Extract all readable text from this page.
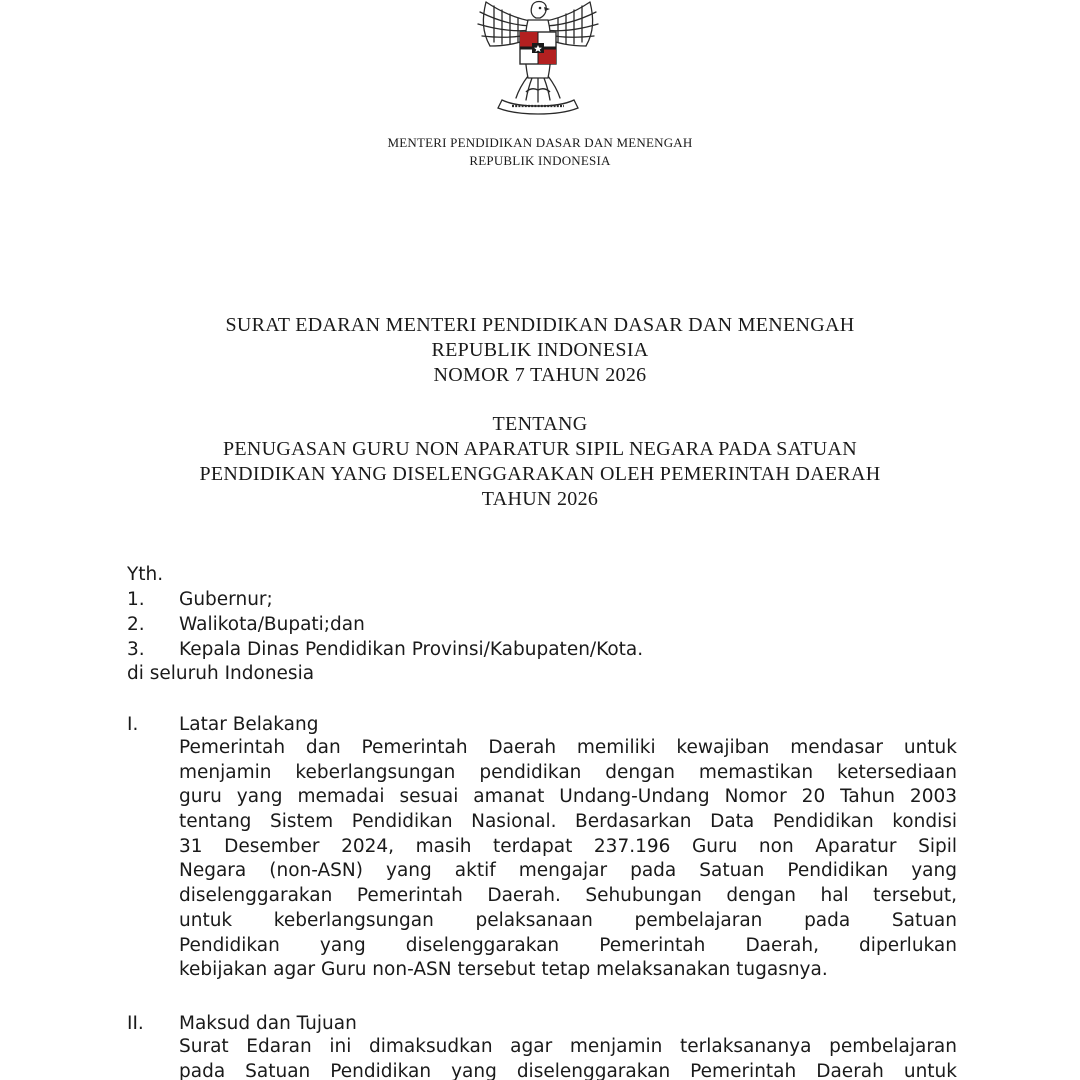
MENTERI PENDIDIKAN DASAR DAN MENENGAH
REPUBLIK INDONESIA
SURAT EDARAN MENTERI PENDIDIKAN DASAR DAN MENENGAH
REPUBLIK INDONESIA
NOMOR 7 TAHUN 2026
TENTANG
PENUGASAN GURU NON APARATUR SIPIL NEGARA PADA SATUAN
PENDIDIKAN YANG DISELENGGARAKAN OLEH PEMERINTAH DAERAH
TAHUN 2026
Yth.
1. Gubernur;
2. Walikota/Bupati;dan
3. Kepala Dinas Pendidikan Provinsi/Kabupaten/Kota.
di seluruh Indonesia
I. Latar Belakang
Pemerintah dan Pemerintah Daerah memiliki kewajiban mendasar untuk
menjamin keberlangsungan pendidikan dengan memastikan ketersediaan
guru yang memadai sesuai amanat Undang-Undang Nomor 20 Tahun 2003
tentang Sistem Pendidikan Nasional. Berdasarkan Data Pendidikan kondisi
31 Desember 2024, masih terdapat 237.196 Guru non Aparatur Sipil
Negara (non-ASN) yang aktif mengajar pada Satuan Pendidikan yang
diselenggarakan Pemerintah Daerah. Sehubungan dengan hal tersebut,
untuk keberlangsungan pelaksanaan pembelajaran pada Satuan
Pendidikan yang diselenggarakan Pemerintah Daerah, diperlukan
kebijakan agar Guru non-ASN tersebut tetap melaksanakan tugasnya.
II. Maksud dan Tujuan
Surat Edaran ini dimaksudkan agar menjamin terlaksananya pembelajaran
pada Satuan Pendidikan yang diselenggarakan Pemerintah Daerah untuk
